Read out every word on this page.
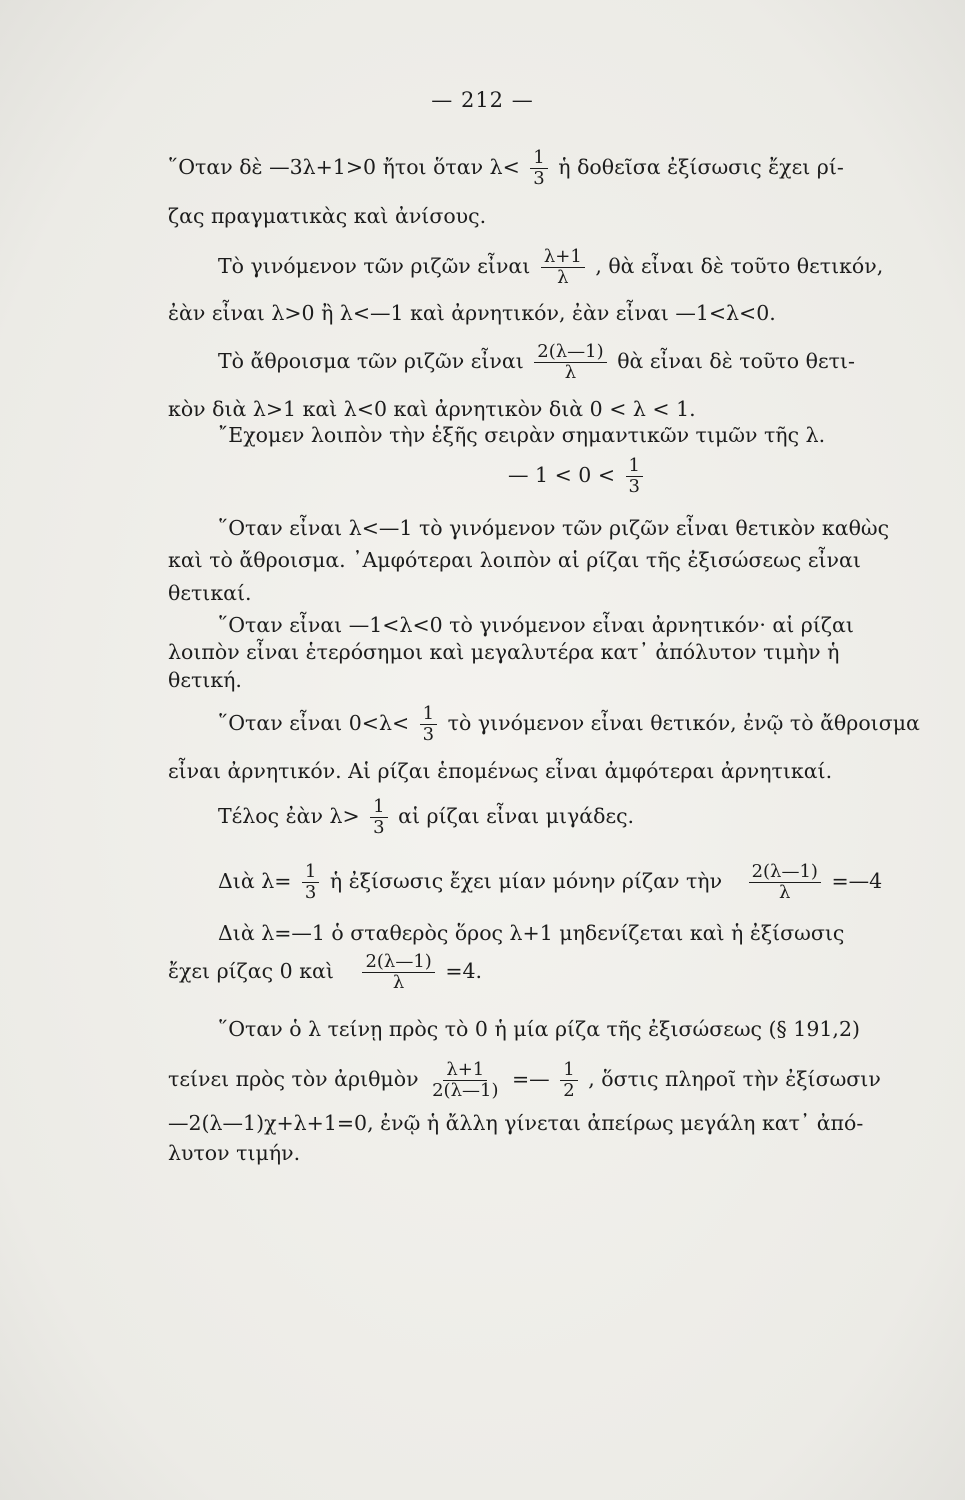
— 212 —
῞Οταν δὲ —3λ+1>0 ἤτοι ὅταν $\lambda< \frac{1}{3}$ ἡ δοθεῖσα ἐξίσωσις ἔχει ρί-
ζας πραγματικὰς καὶ ἀνίσους.
Τὸ γινόμενον τῶν ριζῶν εἶναι $\frac{\lambda+1}{\lambda}$ , θὰ εἶναι δὲ τοῦτο θετικόν,
ἐὰν εἶναι λ>0 ἢ λ<—1 καὶ ἀρνητικόν, ἐὰν εἶναι —1<λ<0.
Τὸ ἄθροισμα τῶν ριζῶν εἶναι $\frac{2(\lambda—1)}{\lambda}$ θὰ εἶναι δὲ τοῦτο θετι-
κὸν διὰ λ>1 καὶ λ<0 καὶ ἀρνητικὸν διὰ 0 < λ < 1.
῎Εχομεν λοιπὸν τὴν ἑξῆς σειρὰν σημαντικῶν τιμῶν τῆς λ.
— $1 < 0 < \frac{1}{3}$
῞Οταν εἶναι λ<—1 τὸ γινόμενον τῶν ριζῶν εἶναι θετικὸν καθὼς
καὶ τὸ ἄθροισμα. ᾿Αμφότεραι λοιπὸν αἱ ρίζαι τῆς ἐξισώσεως εἶναι
θετικαί.
῞Οταν εἶναι —1<λ<0 τὸ γινόμενον εἶναι ἀρνητικόν· αἱ ρίζαι
λοιπὸν εἶναι ἑτερόσημοι καὶ μεγαλυτέρα κατ᾿ ἀπόλυτον τιμὴν ἡ
θετική.
῞Οταν εἶναι $0<\lambda< \frac{1}{3}$ τὸ γινόμενον εἶναι θετικόν, ἐνῷ τὸ ἄθροισμα
εἶναι ἀρνητικόν. Αἱ ρίζαι ἑπομένως εἶναι ἀμφότεραι ἀρνητικαί.
Τέλος ἐὰν $\lambda> \frac{1}{3}$ αἱ ρίζαι εἶναι μιγάδες.
Διὰ $\lambda= \frac{1}{3}$ ἡ ἐξίσωσις ἔχει μίαν μόνην ρίζαν τὴν $\frac{2(\lambda—1)}{\lambda}$ =—4
Διὰ λ=—1 ὁ σταθερὸς ὅρος λ+1 μηδενίζεται καὶ ἡ ἐξίσωσις
ἔχει ρίζας 0 καὶ $\frac{2(\lambda—1)}{\lambda} =4$.
῞Οταν ὁ λ τείνῃ πρὸς τὸ 0 ἡ μία ρίζα τῆς ἐξισώσεως (§ 191,2)
τείνει πρὸς τὸν ἀριθμὸν $\frac{\lambda+1}{2(\lambda—1)}$ =— $\frac{1}{2}$ , ὅστις πληροῖ τὴν ἐξίσωσιν
—2(λ—1)χ+λ+1=0, ἐνῷ ἡ ἄλλη γίνεται ἀπείρως μεγάλη κατ᾿ ἀπό-
λυτον τιμήν.
